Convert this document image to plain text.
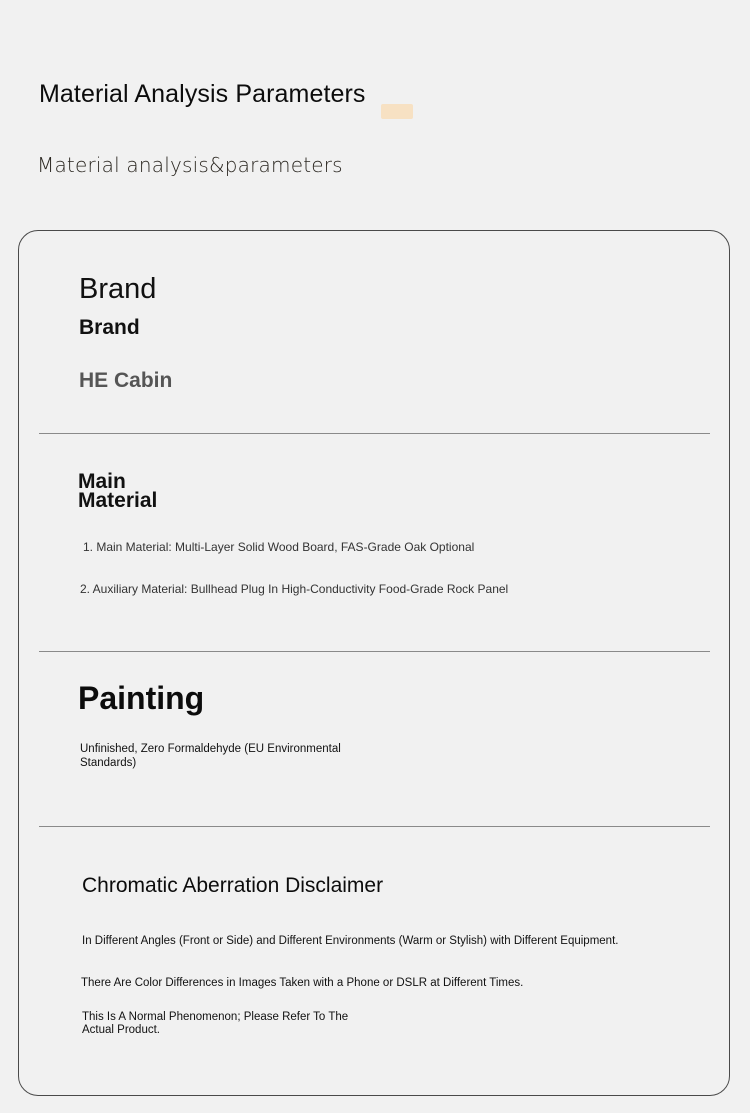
Material Analysis Parameters
Material analysis&parameters
Brand
Brand
HE Cabin
Main Material
1. Main Material: Multi-Layer Solid Wood Board, FAS-Grade Oak Optional
2. Auxiliary Material: Bullhead Plug In High-Conductivity Food-Grade Rock Panel
Painting
Unfinished, Zero Formaldehyde (EU Environmental Standards)
Chromatic Aberration Disclaimer
In Different Angles (Front or Side) and Different Environments (Warm or Stylish) with Different Equipment.
There Are Color Differences in Images Taken with a Phone or DSLR at Different Times.
This Is A Normal Phenomenon; Please Refer To The Actual Product.
